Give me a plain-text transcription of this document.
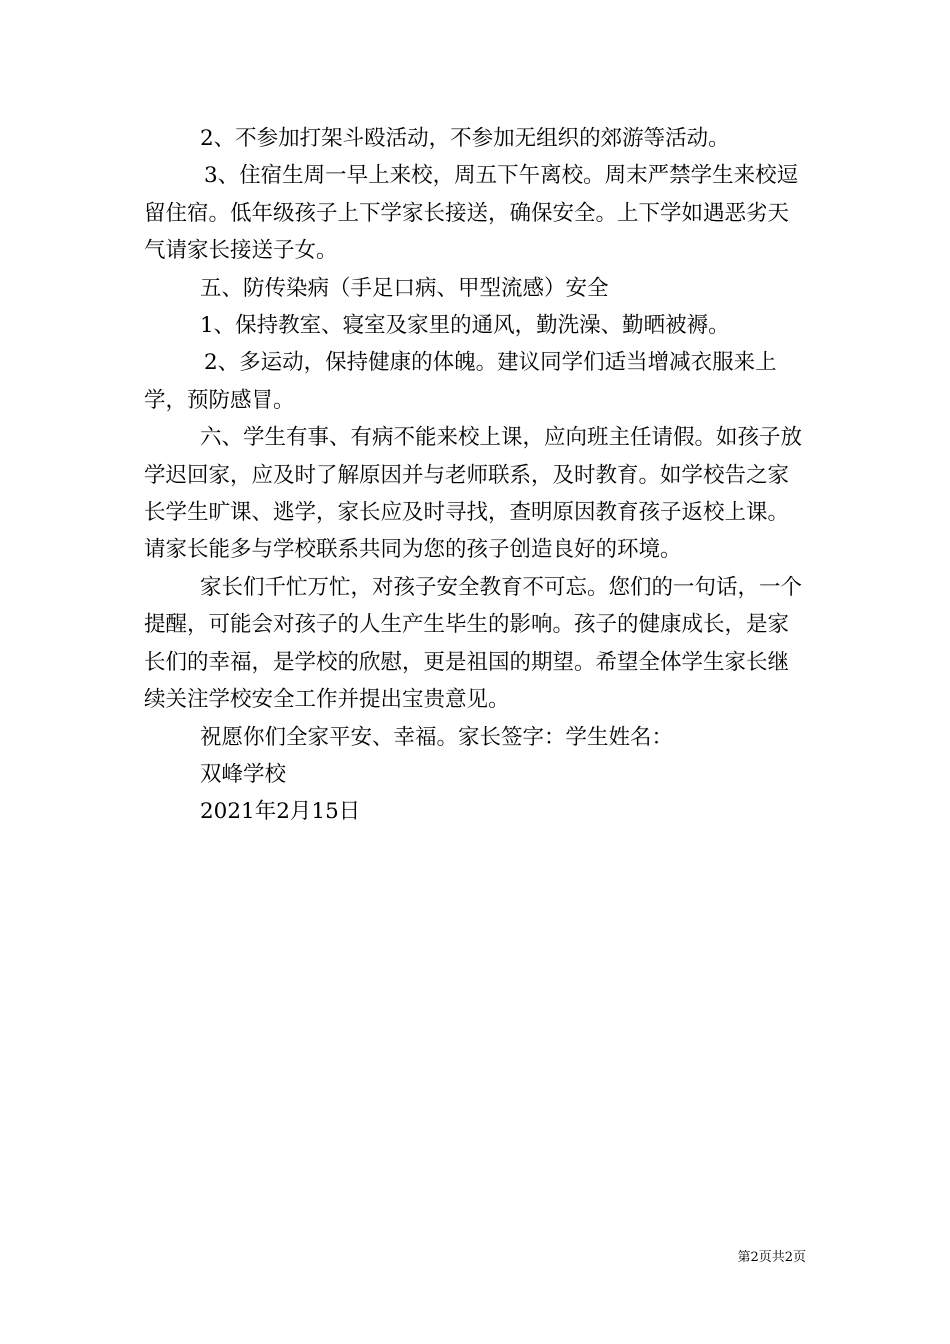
2、不参加打架斗殴活动，不参加无组织的郊游等活动。

3、住宿生周一早上来校，周五下午离校。周末严禁学生来校逗留住宿。低年级孩子上下学家长接送，确保安全。上下学如遇恶劣天气请家长接送子女。

五、防传染病（手足口病、甲型流感）安全

1、保持教室、寝室及家里的通风，勤洗澡、勤晒被褥。

2、多运动，保持健康的体魄。建议同学们适当增减衣服来上学，预防感冒。

六、学生有事、有病不能来校上课，应向班主任请假。如孩子放学迟回家，应及时了解原因并与老师联系，及时教育。如学校告之家长学生旷课、逃学，家长应及时寻找，查明原因教育孩子返校上课。请家长能多与学校联系共同为您的孩子创造良好的环境。

家长们千忙万忙，对孩子安全教育不可忘。您们的一句话，一个提醒，可能会对孩子的人生产生毕生的影响。孩子的健康成长，是家长们的幸福，是学校的欣慰，更是祖国的期望。希望全体学生家长继续关注学校安全工作并提出宝贵意见。

祝愿你们全家平安、幸福。家长签字：学生姓名：

双峰学校

2021年2月15日

第2页共2页
